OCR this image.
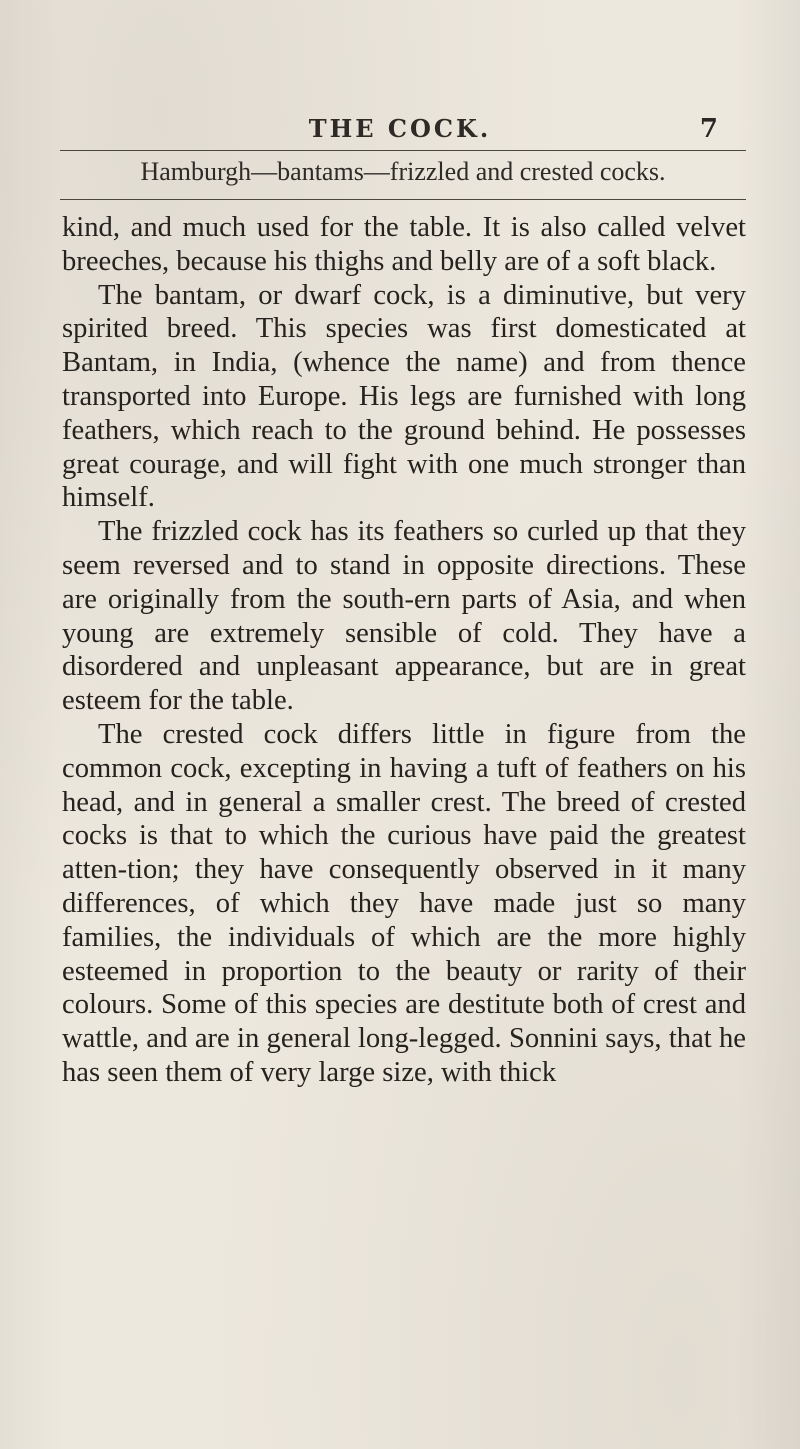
THE COCK.	7
Hamburgh—bantams—frizzled and crested cocks.

kind, and much used for the table. It is also called velvet breeches, because his thighs and belly are of a soft black.

The bantam, or dwarf cock, is a diminutive, but very spirited breed. This species was first domesticated at Bantam, in India, (whence the name) and from thence transported into Europe. His legs are furnished with long feathers, which reach to the ground behind. He possesses great courage, and will fight with one much stronger than himself.

The frizzled cock has its feathers so curled up that they seem reversed and to stand in opposite directions. These are originally from the south-ern parts of Asia, and when young are extremely sensible of cold. They have a disordered and unpleasant appearance, but are in great esteem for the table.

The crested cock differs little in figure from the common cock, excepting in having a tuft of feathers on his head, and in general a smaller crest. The breed of crested cocks is that to which the curious have paid the greatest atten-tion; they have consequently observed in it many differences, of which they have made just so many families, the individuals of which are the more highly esteemed in proportion to the beauty or rarity of their colours. Some of this species are destitute both of crest and wattle, and are in general long-legged. Sonnini says, that he has seen them of very large size, with thick
